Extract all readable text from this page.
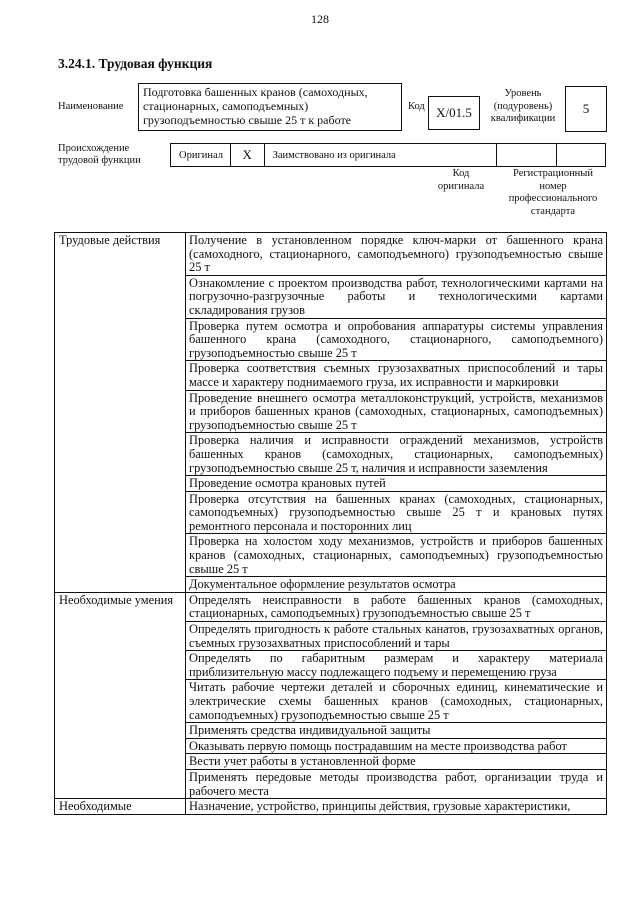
128
3.24.1. Трудовая функция
Наименование
Подготовка башенных кранов (самоходных, стационарных, самоподъемных) грузоподъемностью свыше 25 т к работе
Код X/01.5
Уровень (подуровень) квалификации
5
Происхождение трудовой функции	Оригинал	X	Заимствовано из оригинала
Код оригинала
Регистрационный номер профессионального стандарта
Трудовые действия	Получение в установленном порядке ключ-марки от башенного крана (самоходного, стационарного, самоподъемного) грузоподъемностью свыше 25 т
	Ознакомление с проектом производства работ, технологическими картами на погрузочно-разгрузочные работы и технологическими картами складирования грузов
	Проверка путем осмотра и опробования аппаратуры системы управления башенного крана (самоходного, стационарного, самоподъемного) грузоподъемностью свыше 25 т
	Проверка соответствия съемных грузозахватных приспособлений и тары массе и характеру поднимаемого груза, их исправности и маркировки
	Проведение внешнего осмотра металлоконструкций, устройств, механизмов и приборов башенных кранов (самоходных, стационарных, самоподъемных) грузоподъемностью свыше 25 т
	Проверка наличия и исправности ограждений механизмов, устройств башенных кранов (самоходных, стационарных, самоподъемных) грузоподъемностью свыше 25 т, наличия и исправности заземления
	Проведение осмотра крановых путей
	Проверка отсутствия на башенных кранах (самоходных, стационарных, самоподъемных) грузоподъемностью свыше 25 т и крановых путях ремонтного персонала и посторонних лиц
	Проверка на холостом ходу механизмов, устройств и приборов башенных кранов (самоходных, стационарных, самоподъемных) грузоподъемностью свыше 25 т
	Документальное оформление результатов осмотра
Необходимые умения	Определять неисправности в работе башенных кранов (самоходных, стационарных, самоподъемных) грузоподъемностью свыше 25 т
	Определять пригодность к работе стальных канатов, грузозахватных органов, съемных грузозахватных приспособлений и тары
	Определять по габаритным размерам и характеру материала приблизительную массу подлежащего подъему и перемещению груза
	Читать рабочие чертежи деталей и сборочных единиц, кинематические и электрические схемы башенных кранов (самоходных, стационарных, самоподъемных) грузоподъемностью свыше 25 т
	Применять средства индивидуальной защиты
	Оказывать первую помощь пострадавшим на месте производства работ
	Вести учет работы в установленной форме
	Применять передовые методы производства работ, организации труда и рабочего места
Необходимые	Назначение, устройство, принципы действия, грузовые характеристики,
